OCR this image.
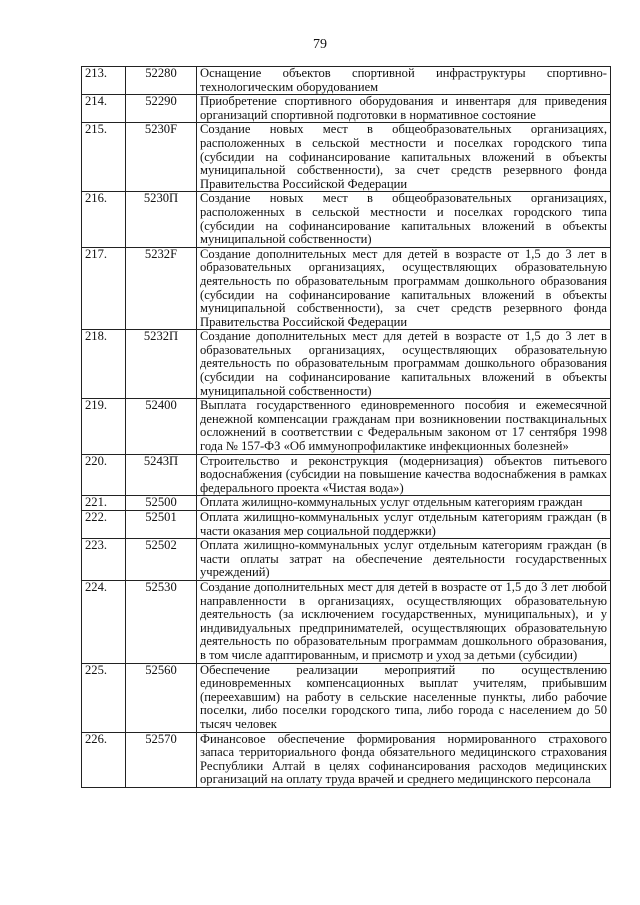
79
213.	52280	Оснащение объектов спортивной инфраструктуры спортивно-технологическим оборудованием
214.	52290	Приобретение спортивного оборудования и инвентаря для приведения организаций спортивной подготовки в нормативное состояние
215.	5230F	Создание новых мест в общеобразовательных организациях, расположенных в сельской местности и поселках городского типа (субсидии на софинансирование капитальных вложений в объекты муниципальной собственности), за счет средств резервного фонда Правительства Российской Федерации
216.	5230П	Создание новых мест в общеобразовательных организациях, расположенных в сельской местности и поселках городского типа (субсидии на софинансирование капитальных вложений в объекты муниципальной собственности)
217.	5232F	Создание дополнительных мест для детей в возрасте от 1,5 до 3 лет в образовательных организациях, осуществляющих образовательную деятельность по образовательным программам дошкольного образования (субсидии на софинансирование капитальных вложений в объекты муниципальной собственности), за счет средств резервного фонда Правительства Российской Федерации
218.	5232П	Создание дополнительных мест для детей в возрасте от 1,5 до 3 лет в образовательных организациях, осуществляющих образовательную деятельность по образовательным программам дошкольного образования (субсидии на софинансирование капитальных вложений в объекты муниципальной собственности)
219.	52400	Выплата государственного единовременного пособия и ежемесячной денежной компенсации гражданам при возникновении поствакцинальных осложнений в соответствии с Федеральным законом от 17 сентября 1998 года № 157-ФЗ «Об иммунопрофилактике инфекционных болезней»
220.	5243П	Строительство и реконструкция (модернизация) объектов питьевого водоснабжения (субсидии на повышение качества водоснабжения в рамках федерального проекта «Чистая вода»)
221.	52500	Оплата жилищно-коммунальных услуг отдельным категориям граждан
222.	52501	Оплата жилищно-коммунальных услуг отдельным категориям граждан (в части оказания мер социальной поддержки)
223.	52502	Оплата жилищно-коммунальных услуг отдельным категориям граждан (в части оплаты затрат на обеспечение деятельности государственных учреждений)
224.	52530	Создание дополнительных мест для детей в возрасте от 1,5 до 3 лет любой направленности в организациях, осуществляющих образовательную деятельность (за исключением государственных, муниципальных), и у индивидуальных предпринимателей, осуществляющих образовательную деятельность по образовательным программам дошкольного образования, в том числе адаптированным, и присмотр и уход за детьми (субсидии)
225.	52560	Обеспечение реализации мероприятий по осуществлению единовременных компенсационных выплат учителям, прибывшим (переехавшим) на работу в сельские населенные пункты, либо рабочие поселки, либо поселки городского типа, либо города с населением до 50 тысяч человек
226.	52570	Финансовое обеспечение формирования нормированного страхового запаса территориального фонда обязательного медицинского страхования Республики Алтай в целях софинансирования расходов медицинских организаций на оплату труда врачей и среднего медицинского персонала
